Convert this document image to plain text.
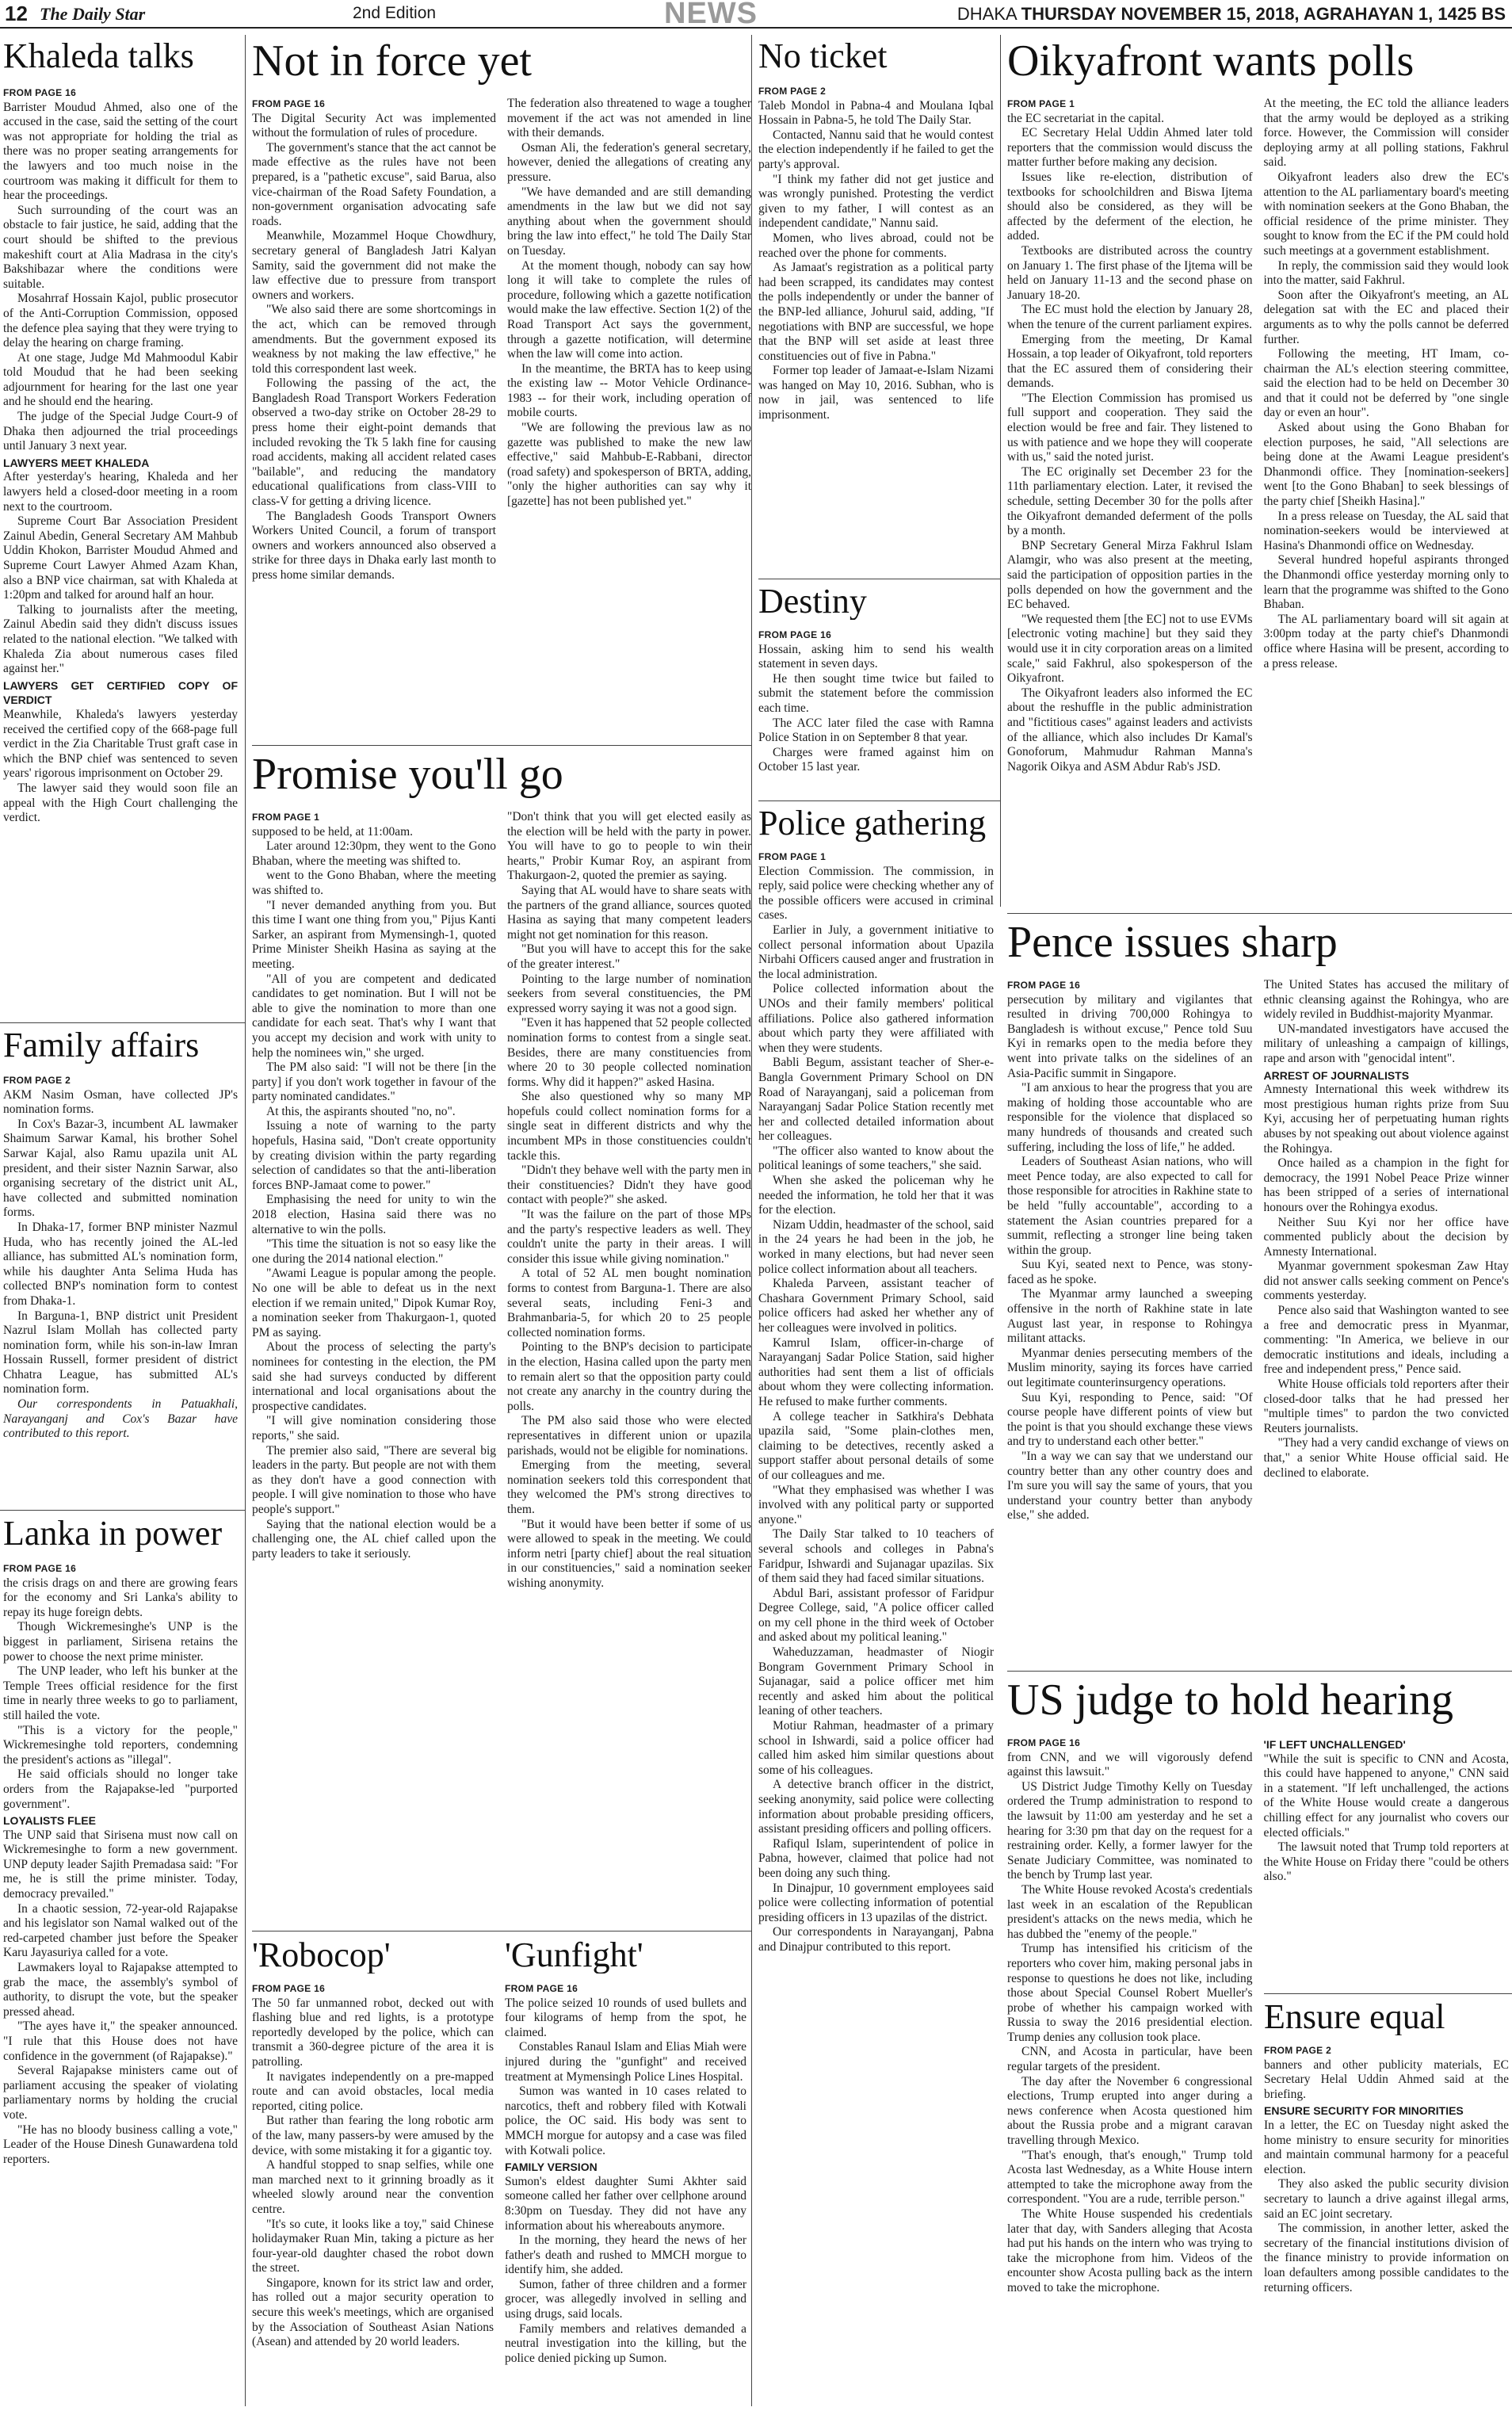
12 The Daily Star	2nd Edition	NEWS	DHAKA THURSDAY NOVEMBER 15, 2018, AGRAHAYAN 1, 1425 BS
Khaleda talks

FROM PAGE 16

Barrister Moudud Ahmed, also one of the accused in the case, said the setting of the court was not appropriate for holding the trial as there was no proper seating arrangements for the lawyers and too much noise in the courtroom was making it difficult for them to hear the proceedings.

Such surrounding of the court was an obstacle to fair justice, he said, adding that the court should be shifted to the previous makeshift court at Alia Madrasa in the city's Bakshibazar where the conditions were suitable.

Mosahrraf Hossain Kajol, public prosecutor of the Anti-Corruption Commission, opposed the defence plea saying that they were trying to delay the hearing on charge framing.

At one stage, Judge Md Mahmoodul Kabir told Moudud that he had been seeking adjournment for hearing for the last one year and he should end the hearing.

The judge of the Special Judge Court-9 of Dhaka then adjourned the trial proceedings until January 3 next year.

LAWYERS MEET KHALEDA

After yesterday's hearing, Khaleda and her lawyers held a closed-door meeting in a room next to the courtroom.

Supreme Court Bar Association President Zainul Abedin, General Secretary AM Mahbub Uddin Khokon, Barrister Moudud Ahmed and Supreme Court Lawyer Ahmed Azam Khan, also a BNP vice chairman, sat with Khaleda at 1:20pm and talked for around half an hour.

Talking to journalists after the meeting, Zainul Abedin said they didn't discuss issues related to the national election. "We talked with Khaleda Zia about numerous cases filed against her."

LAWYERS GET CERTIFIED COPY OF VERDICT

Meanwhile, Khaleda's lawyers yesterday received the certified copy of the 668-page full verdict in the Zia Charitable Trust graft case in which the BNP chief was sentenced to seven years' rigorous imprisonment on October 29.

The lawyer said they would soon file an appeal with the High Court challenging the verdict.

Family affairs

FROM PAGE 2

AKM Nasim Osman, have collected JP's nomination forms.

In Cox's Bazar-3, incumbent AL lawmaker Shaimum Sarwar Kamal, his brother Sohel Sarwar Kajal, also Ramu upazila unit AL president, and their sister Naznin Sarwar, also organising secretary of the district unit AL, have collected and submitted nomination forms.

In Dhaka-17, former BNP minister Nazmul Huda, who has recently joined the AL-led alliance, has submitted AL's nomination form, while his daughter Anta Selima Huda has collected BNP's nomination form to contest from Dhaka-1.

In Barguna-1, BNP district unit President Nazrul Islam Mollah has collected party nomination form, while his son-in-law Imran Hossain Russell, former president of district Chhatra League, has submitted AL's nomination form.

Our correspondents in Patuakhali, Narayanganj and Cox's Bazar have contributed to this report.

Lanka in power

FROM PAGE 16

the crisis drags on and there are growing fears for the economy and Sri Lanka's ability to repay its huge foreign debts.

Though Wickremesinghe's UNP is the biggest in parliament, Sirisena retains the power to choose the next prime minister.

The UNP leader, who left his bunker at the Temple Trees official residence for the first time in nearly three weeks to go to parliament, still hailed the vote.

"This is a victory for the people," Wickremesinghe told reporters, condemning the president's actions as "illegal".

He said officials should no longer take orders from the Rajapakse-led "purported government".

LOYALISTS FLEE

The UNP said that Sirisena must now call on Wickremesinghe to form a new government. UNP deputy leader Sajith Premadasa said: "For me, he is still the prime minister. Today, democracy prevailed."

In a chaotic session, 72-year-old Rajapakse and his legislator son Namal walked out of the red-carpeted chamber just before the Speaker Karu Jayasuriya called for a vote.

Lawmakers loyal to Rajapakse attempted to grab the mace, the assembly's symbol of authority, to disrupt the vote, but the speaker pressed ahead.

"The ayes have it," the speaker announced. "I rule that this House does not have confidence in the government (of Rajapakse)."

Several Rajapakse ministers came out of parliament accusing the speaker of violating parliamentary norms by holding the crucial vote.

"He has no bloody business calling a vote," Leader of the House Dinesh Gunawardena told reporters.

Not in force yet

FROM PAGE 16

The Digital Security Act was implemented without the formulation of rules of procedure.

The government's stance that the act cannot be made effective as the rules have not been prepared, is a "pathetic excuse", said Barua, also vice-chairman of the Road Safety Foundation, a non-government organisation advocating safe roads.

Meanwhile, Mozammel Hoque Chowdhury, secretary general of Bangladesh Jatri Kalyan Samity, said the government did not make the law effective due to pressure from transport owners and workers.

"We also said there are some shortcomings in the act, which can be removed through amendments. But the government exposed its weakness by not making the law effective," he told this correspondent last week.

Following the passing of the act, the Bangladesh Road Transport Workers Federation observed a two-day strike on October 28-29 to press home their eight-point demands that included revoking the Tk 5 lakh fine for causing road accidents, making all accident related cases "bailable", and reducing the mandatory educational qualifications from class-VIII to class-V for getting a driving licence.

The Bangladesh Goods Transport Owners Workers United Council, a forum of transport owners and workers announced also observed a strike for three days in Dhaka early last month to press home similar demands.

The federation also threatened to wage a tougher movement if the act was not amended in line with their demands.

Osman Ali, the federation's general secretary, however, denied the allegations of creating any pressure.

"We have demanded and are still demanding amendments in the law but we did not say anything about when the government should bring the law into effect," he told The Daily Star on Tuesday.

At the moment though, nobody can say how long it will take to complete the rules of procedure, following which a gazette notification would make the law effective. Section 1(2) of the Road Transport Act says the government, through a gazette notification, will determine when the law will come into action.

In the meantime, the BRTA has to keep using the existing law -- Motor Vehicle Ordinance-1983 -- for their work, including operation of mobile courts.

"We are following the previous law as no gazette was published to make the new law effective," said Mahbub-E-Rabbani, director (road safety) and spokesperson of BRTA, adding, "only the higher authorities can say why it [gazette] has not been published yet."

Promise you'll go

FROM PAGE 1

supposed to be held, at 11:00am.

Later around 12:30pm, they went to the Gono Bhaban, where the meeting was shifted to.

went to the Gono Bhaban, where the meeting was shifted to.

"I never demanded anything from you. But this time I want one thing from you," Pijus Kanti Sarker, an aspirant from Mymensingh-1, quoted Prime Minister Sheikh Hasina as saying at the meeting.

"All of you are competent and dedicated candidates to get nomination. But I will not be able to give the nomination to more than one candidate for each seat. That's why I want that you accept my decision and work with unity to help the nominees win," she urged.

The PM also said: "I will not be there [in the party] if you don't work together in favour of the party nominated candidates."

At this, the aspirants shouted "no, no".

Issuing a note of warning to the party hopefuls, Hasina said, "Don't create opportunity by creating division within the party regarding selection of candidates so that the anti-liberation forces BNP-Jamaat come to power."

Emphasising the need for unity to win the 2018 election, Hasina said there was no alternative to win the polls.

"This time the situation is not so easy like the one during the 2014 national election."

"Awami League is popular among the people. No one will be able to defeat us in the next election if we remain united," Dipok Kumar Roy, a nomination seeker from Thakurgaon-1, quoted PM as saying.

About the process of selecting the party's nominees for contesting in the election, the PM said she had surveys conducted by different international and local organisations about the prospective candidates.

"I will give nomination considering those reports," she said.

The premier also said, "There are several big leaders in the party. But people are not with them as they don't have a good connection with people. I will give nomination to those who have people's support."

Saying that the national election would be a challenging one, the AL chief called upon the party leaders to take it seriously.

"Don't think that you will get elected easily as the election will be held with the party in power. You will have to go to people to win their hearts," Probir Kumar Roy, an aspirant from Thakurgaon-2, quoted the premier as saying.

Saying that AL would have to share seats with the partners of the grand alliance, sources quoted Hasina as saying that many competent leaders might not get nomination for this reason.

"But you will have to accept this for the sake of the greater interest."

Pointing to the large number of nomination seekers from several constituencies, the PM expressed worry saying it was not a good sign.

"Even it has happened that 52 people collected nomination forms to contest from a single seat. Besides, there are many constituencies from where 20 to 30 people collected nomination forms. Why did it happen?" asked Hasina.

She also questioned why so many MP hopefuls could collect nomination forms for a single seat in different districts and why the incumbent MPs in those constituencies couldn't tackle this.

"Didn't they behave well with the party men in their constituencies? Didn't they have good contact with people?" she asked.

"It was the failure on the part of those MPs and the party's respective leaders as well. They couldn't unite the party in their areas. I will consider this issue while giving nomination."

A total of 52 AL men bought nomination forms to contest from Barguna-1. There are also several seats, including Feni-3 and Brahmanbaria-5, for which 20 to 25 people collected nomination forms.

Pointing to the BNP's decision to participate in the election, Hasina called upon the party men to remain alert so that the opposition party could not create any anarchy in the country during the polls.

The PM also said those who were elected representatives in different union or upazila parishads, would not be eligible for nominations.

Emerging from the meeting, several nomination seekers told this correspondent that they welcomed the PM's strong directives to them.

"But it would have been better if some of us were allowed to speak in the meeting. We could inform netri [party chief] about the real situation in our constituencies," said a nomination seeker wishing anonymity.

'Robocop'

FROM PAGE 16

The 50 far unmanned robot, decked out with flashing blue and red lights, is a prototype reportedly developed by the police, which can transmit a 360-degree picture of the area it is patrolling.

It navigates independently on a pre-mapped route and can avoid obstacles, local media reported, citing police.

But rather than fearing the long robotic arm of the law, many passers-by were amused by the device, with some mistaking it for a gigantic toy.

A handful stopped to snap selfies, while one man marched next to it grinning broadly as it wheeled slowly around near the convention centre.

"It's so cute, it looks like a toy," said Chinese holidaymaker Ruan Min, taking a picture as her four-year-old daughter chased the robot down the street.

Singapore, known for its strict law and order, has rolled out a major security operation to secure this week's meetings, which are organised by the Association of Southeast Asian Nations (Asean) and attended by 20 world leaders.

'Gunfight'

FROM PAGE 16

The police seized 10 rounds of used bullets and four kilograms of hemp from the spot, he claimed.

Constables Ranaul Islam and Elias Miah were injured during the "gunfight" and received treatment at Mymensingh Police Lines Hospital.

Sumon was wanted in 10 cases related to narcotics, theft and robbery filed with Kotwali police, the OC said. His body was sent to MMCH morgue for autopsy and a case was filed with Kotwali police.

FAMILY VERSION

Sumon's eldest daughter Sumi Akhter said someone called her father over cellphone around 8:30pm on Tuesday. They did not have any information about his whereabouts anymore.

In the morning, they heard the news of her father's death and rushed to MMCH morgue to identify him, she added.

Sumon, father of three children and a former grocer, was allegedly involved in selling and using drugs, said locals.

Family members and relatives demanded a neutral investigation into the killing, but the police denied picking up Sumon.

No ticket

FROM PAGE 2

Taleb Mondol in Pabna-4 and Moulana Iqbal Hossain in Pabna-5, he told The Daily Star.

Contacted, Nannu said that he would contest the election independently if he failed to get the party's approval.

"I think my father did not get justice and was wrongly punished. Protesting the verdict given to my father, I will contest as an independent candidate," Nannu said.

Momen, who lives abroad, could not be reached over the phone for comments.

As Jamaat's registration as a political party had been scrapped, its candidates may contest the polls independently or under the banner of the BNP-led alliance, Johurul said, adding, "If negotiations with BNP are successful, we hope that the BNP will set aside at least three constituencies out of five in Pabna."

Former top leader of Jamaat-e-Islam Nizami was hanged on May 10, 2016. Subhan, who is now in jail, was sentenced to life imprisonment.

Destiny

FROM PAGE 16

Hossain, asking him to send his wealth statement in seven days.

He then sought time twice but failed to submit the statement before the commission each time.

The ACC later filed the case with Ramna Police Station in on September 8 that year.

Charges were framed against him on October 15 last year.

Police gathering

FROM PAGE 1

Election Commission. The commission, in reply, said police were checking whether any of the possible officers were accused in criminal cases.

Earlier in July, a government initiative to collect personal information about Upazila Nirbahi Officers caused anger and frustration in the local administration.

Police collected information about the UNOs and their family members' political affiliations. Police also gathered information about which party they were affiliated with when they were students.

Babli Begum, assistant teacher of Sher-e-Bangla Government Primary School on DN Road of Narayanganj, said a policeman from Narayanganj Sadar Police Station recently met her and collected detailed information about her colleagues.

"The officer also wanted to know about the political leanings of some teachers," she said.

When she asked the policeman why he needed the information, he told her that it was for the election.

Nizam Uddin, headmaster of the school, said in the 24 years he had been in the job, he worked in many elections, but had never seen police collect information about all teachers.

Khaleda Parveen, assistant teacher of Chashara Government Primary School, said police officers had asked her whether any of her colleagues were involved in politics.

Kamrul Islam, officer-in-charge of Narayanganj Sadar Police Station, said higher authorities had sent them a list of officials about whom they were collecting information. He refused to make further comments.

A college teacher in Satkhira's Debhata upazila said, "Some plain-clothes men, claiming to be detectives, recently asked a support staffer about personal details of some of our colleagues and me.

"What they emphasised was whether I was involved with any political party or supported anyone."

The Daily Star talked to 10 teachers of several schools and colleges in Pabna's Faridpur, Ishwardi and Sujanagar upazilas. Six of them said they had faced similar situations.

Abdul Bari, assistant professor of Faridpur Degree College, said, "A police officer called on my cell phone in the third week of October and asked about my political leaning."

Waheduzzaman, headmaster of Niogir Bongram Government Primary School in Sujanagar, said a police officer met him recently and asked him about the political leaning of other teachers.

Motiur Rahman, headmaster of a primary school in Ishwardi, said a police officer had called him asked him similar questions about some of his colleagues.

A detective branch officer in the district, seeking anonymity, said police were collecting information about probable presiding officers, assistant presiding officers and polling officers.

Rafiqul Islam, superintendent of police in Pabna, however, claimed that police had not been doing any such thing.

In Dinajpur, 10 government employees said police were collecting information of potential presiding officers in 13 upazilas of the district.

Our correspondents in Narayanganj, Pabna and Dinajpur contributed to this report.

Oikyafront wants polls

FROM PAGE 1

the EC secretariat in the capital.

EC Secretary Helal Uddin Ahmed later told reporters that the commission would discuss the matter further before making any decision.

Issues like re-election, distribution of textbooks for schoolchildren and Biswa Ijtema should also be considered, as they will be affected by the deferment of the election, he added.

Textbooks are distributed across the country on January 1. The first phase of the Ijtema will be held on January 11-13 and the second phase on January 18-20.

The EC must hold the election by January 28, when the tenure of the current parliament expires.

Emerging from the meeting, Dr Kamal Hossain, a top leader of Oikyafront, told reporters that the EC assured them of considering their demands.

"The Election Commission has promised us full support and cooperation. They said the election would be free and fair. They listened to us with patience and we hope they will cooperate with us," said the noted jurist.

The EC originally set December 23 for the 11th parliamentary election. Later, it revised the schedule, setting December 30 for the polls after the Oikyafront demanded deferment of the polls by a month.

BNP Secretary General Mirza Fakhrul Islam Alamgir, who was also present at the meeting, said the participation of opposition parties in the polls depended on how the government and the EC behaved.

"We requested them [the EC] not to use EVMs [electronic voting machine] but they said they would use it in city corporation areas on a limited scale," said Fakhrul, also spokesperson of the Oikyafront.

The Oikyafront leaders also informed the EC about the reshuffle in the public administration and "fictitious cases" against leaders and activists of the alliance, which also includes Dr Kamal's Gonoforum, Mahmudur Rahman Manna's Nagorik Oikya and ASM Abdur Rab's JSD.

At the meeting, the EC told the alliance leaders that the army would be deployed as a striking force. However, the Commission will consider deploying army at all polling stations, Fakhrul said.

Oikyafront leaders also drew the EC's attention to the AL parliamentary board's meeting with nomination seekers at the Gono Bhaban, the official residence of the prime minister. They sought to know from the EC if the PM could hold such meetings at a government establishment.

In reply, the commission said they would look into the matter, said Fakhrul.

Soon after the Oikyafront's meeting, an AL delegation sat with the EC and placed their arguments as to why the polls cannot be deferred further.

Following the meeting, HT Imam, co-chairman the AL's election steering committee, said the election had to be held on December 30 and that it could not be deferred by "one single day or even an hour".

Asked about using the Gono Bhaban for election purposes, he said, "All selections are being done at the Awami League president's Dhanmondi office. They [nomination-seekers] went [to the Gono Bhaban] to seek blessings of the party chief [Sheikh Hasina]."

In a press release on Tuesday, the AL said that nomination-seekers would be interviewed at Hasina's Dhanmondi office on Wednesday.

Several hundred hopeful aspirants thronged the Dhanmondi office yesterday morning only to learn that the programme was shifted to the Gono Bhaban.

The AL parliamentary board will sit again at 3:00pm today at the party chief's Dhanmondi office where Hasina will be present, according to a press release.

Pence issues sharp

FROM PAGE 16

persecution by military and vigilantes that resulted in driving 700,000 Rohingya to Bangladesh is without excuse," Pence told Suu Kyi in remarks open to the media before they went into private talks on the sidelines of an Asia-Pacific summit in Singapore.

"I am anxious to hear the progress that you are making of holding those accountable who are responsible for the violence that displaced so many hundreds of thousands and created such suffering, including the loss of life," he added.

Leaders of Southeast Asian nations, who will meet Pence today, are also expected to call for those responsible for atrocities in Rakhine state to be held "fully accountable", according to a statement the Asian countries prepared for a summit, reflecting a stronger line being taken within the group.

Suu Kyi, seated next to Pence, was stony-faced as he spoke.

The Myanmar army launched a sweeping offensive in the north of Rakhine state in late August last year, in response to Rohingya militant attacks.

Myanmar denies persecuting members of the Muslim minority, saying its forces have carried out legitimate counterinsurgency operations.

Suu Kyi, responding to Pence, said: "Of course people have different points of view but the point is that you should exchange these views and try to understand each other better."

"In a way we can say that we understand our country better than any other country does and I'm sure you will say the same of yours, that you understand your country better than anybody else," she added.

The United States has accused the military of ethnic cleansing against the Rohingya, who are widely reviled in Buddhist-majority Myanmar.

UN-mandated investigators have accused the military of unleashing a campaign of killings, rape and arson with "genocidal intent".

ARREST OF JOURNALISTS

Amnesty International this week withdrew its most prestigious human rights prize from Suu Kyi, accusing her of perpetuating human rights abuses by not speaking out about violence against the Rohingya.

Once hailed as a champion in the fight for democracy, the 1991 Nobel Peace Prize winner has been stripped of a series of international honours over the Rohingya exodus.

Neither Suu Kyi nor her office have commented publicly about the decision by Amnesty International.

Myanmar government spokesman Zaw Htay did not answer calls seeking comment on Pence's comments yesterday.

Pence also said that Washington wanted to see a free and democratic press in Myanmar, commenting: "In America, we believe in our democratic institutions and ideals, including a free and independent press," Pence said.

White House officials told reporters after their closed-door talks that he had pressed her "multiple times" to pardon the two convicted Reuters journalists.

"They had a very candid exchange of views on that," a senior White House official said. He declined to elaborate.

US judge to hold hearing

FROM PAGE 16

from CNN, and we will vigorously defend against this lawsuit."

US District Judge Timothy Kelly on Tuesday ordered the Trump administration to respond to the lawsuit by 11:00 am yesterday and he set a hearing for 3:30 pm that day on the request for a restraining order. Kelly, a former lawyer for the Senate Judiciary Committee, was nominated to the bench by Trump last year.

The White House revoked Acosta's credentials last week in an escalation of the Republican president's attacks on the news media, which he has dubbed the "enemy of the people."

Trump has intensified his criticism of the reporters who cover him, making personal jabs in response to questions he does not like, including those about Special Counsel Robert Mueller's probe of whether his campaign worked with Russia to sway the 2016 presidential election. Trump denies any collusion took place.

CNN, and Acosta in particular, have been regular targets of the president.

The day after the November 6 congressional elections, Trump erupted into anger during a news conference when Acosta questioned him about the Russia probe and a migrant caravan travelling through Mexico.

"That's enough, that's enough," Trump told Acosta last Wednesday, as a White House intern attempted to take the microphone away from the correspondent. "You are a rude, terrible person."

The White House suspended his credentials later that day, with Sanders alleging that Acosta had put his hands on the intern who was trying to take the microphone from him. Videos of the encounter show Acosta pulling back as the intern moved to take the microphone.

'IF LEFT UNCHALLENGED'

"While the suit is specific to CNN and Acosta, this could have happened to anyone," CNN said in a statement. "If left unchallenged, the actions of the White House would create a dangerous chilling effect for any journalist who covers our elected officials."

The lawsuit noted that Trump told reporters at the White House on Friday there "could be others also."

Ensure equal

FROM PAGE 2

banners and other publicity materials, EC Secretary Helal Uddin Ahmed said at the briefing.

ENSURE SECURITY FOR MINORITIES

In a letter, the EC on Tuesday night asked the home ministry to ensure security for minorities and maintain communal harmony for a peaceful election.

They also asked the public security division secretary to launch a drive against illegal arms, said an EC joint secretary.

The commission, in another letter, asked the secretary of the financial institutions division of the finance ministry to provide information on loan defaulters among possible candidates to the returning officers.
